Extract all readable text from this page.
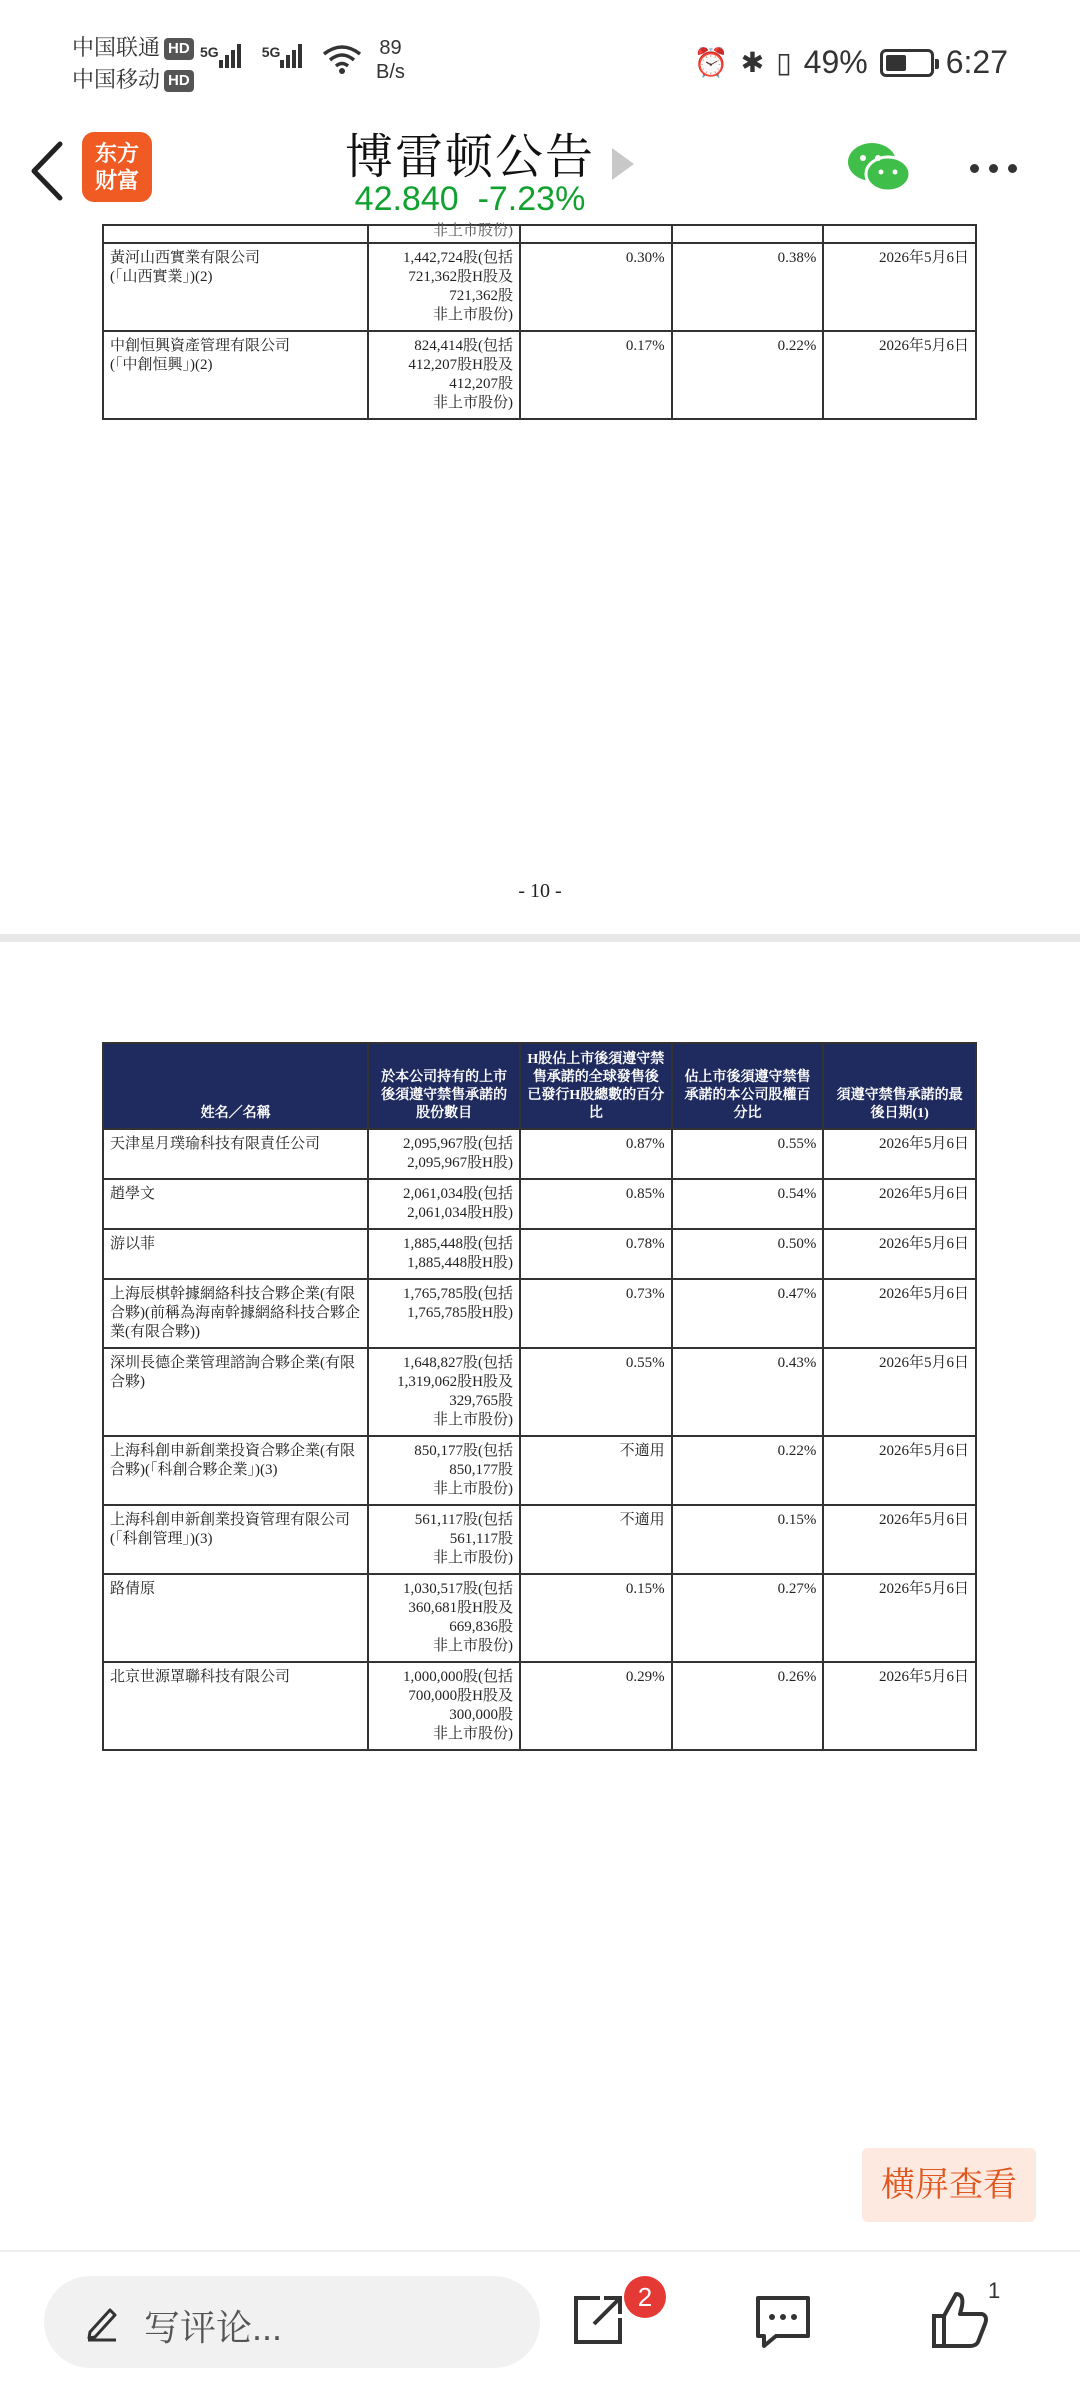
中国联通 HD
中国移动 HD
$^{5G}$	$^{5G}$	89
B/s	⏰ ✱ ▯ 49% 6:27
东方
财富	博雷顿公告
42.840 -7.23%
	非上市股份)			
黃河山西實業有限公司
(「山西實業」)(2)	1,442,724股(包括
721,362股H股及
721,362股
非上市股份)	0.30%	0.38%	2026年5月6日
中創恒興資產管理有限公司
(「中創恒興」)(2)	824,414股(包括
412,207股H股及
412,207股
非上市股份)	0.17%	0.22%	2026年5月6日
- 10 -
姓名／名稱	於本公司持有的上市後須遵守禁售承諾的股份數目	H股佔上市後須遵守禁售承諾的全球發售後已發行H股總數的百分比	佔上市後須遵守禁售承諾的本公司股權百分比	須遵守禁售承諾的最後日期(1)
天津星月璞瑜科技有限責任公司	2,095,967股(包括
2,095,967股H股)	0.87%	0.55%	2026年5月6日
趙學文	2,061,034股(包括
2,061,034股H股)	0.85%	0.54%	2026年5月6日
游以菲	1,885,448股(包括
1,885,448股H股)	0.78%	0.50%	2026年5月6日
上海辰棋幹據網絡科技合夥企業(有限合夥)(前稱為海南幹據網絡科技合夥企業(有限合夥))	1,765,785股(包括
1,765,785股H股)	0.73%	0.47%	2026年5月6日
深圳長德企業管理諮詢合夥企業(有限合夥)	1,648,827股(包括
1,319,062股H股及
329,765股
非上市股份)	0.55%	0.43%	2026年5月6日
上海科創申新創業投資合夥企業(有限合夥)(「科創合夥企業」)(3)	850,177股(包括
850,177股
非上市股份)	不適用	0.22%	2026年5月6日
上海科創申新創業投資管理有限公司
(「科創管理」)(3)	561,117股(包括
561,117股
非上市股份)	不適用	0.15%	2026年5月6日
路倩原	1,030,517股(包括
360,681股H股及
669,836股
非上市股份)	0.15%	0.27%	2026年5月6日
北京世源罩聯科技有限公司	1,000,000股(包括
700,000股H股及
300,000股
非上市股份)	0.29%	0.26%	2026年5月6日
横屏查看
写评论...
2	1
